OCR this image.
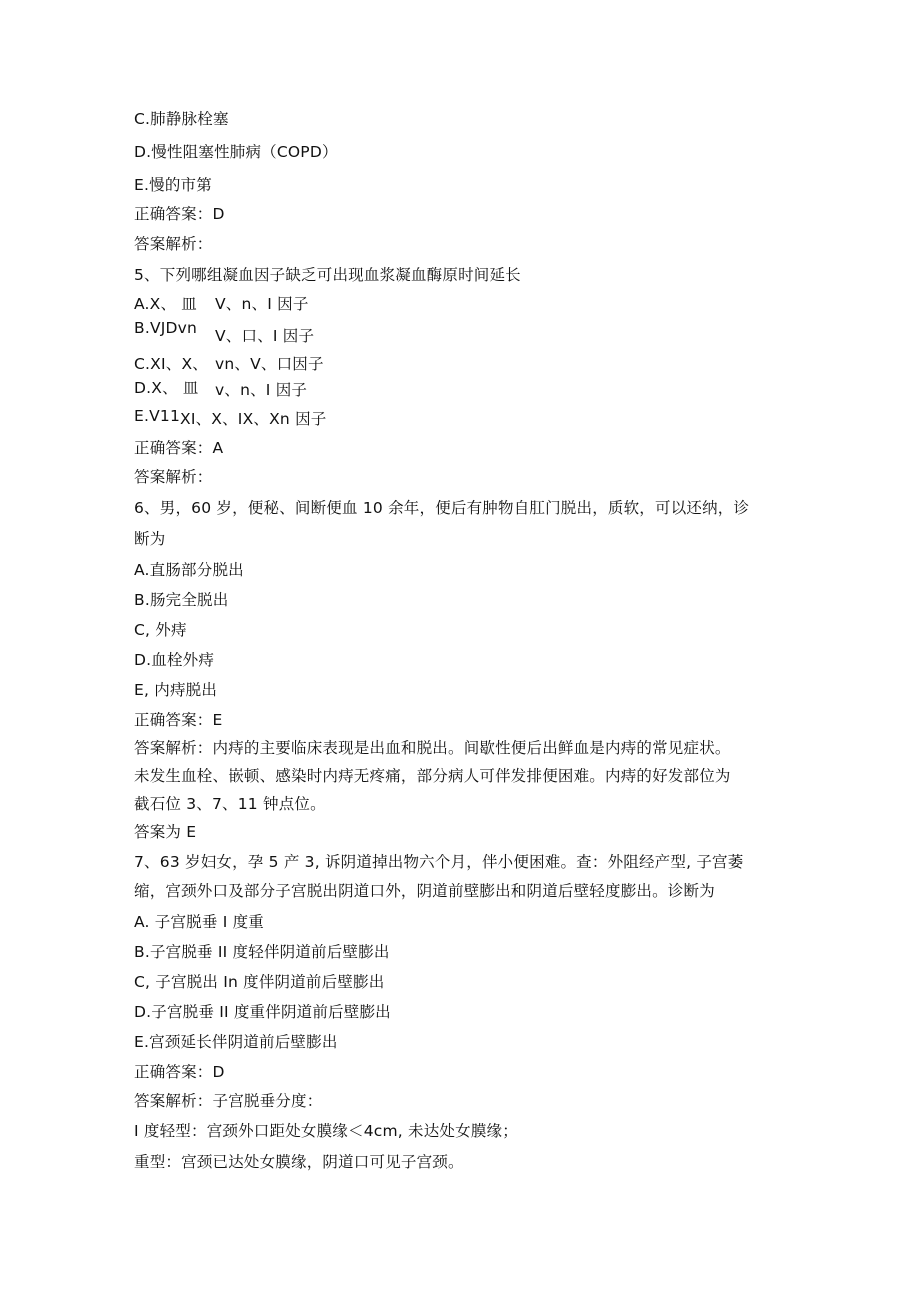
C.肺静脉栓塞
D.慢性阻塞性肺病（COPD）
E.慢的市第
正确答案：D
答案解析：
5、下列哪组凝血因子缺乏可出现血浆凝血酶原时间延长
A.X、 皿 V、n、I 因子
B.VJDvn V、口、I 因子
C.XI、X、 vn、V、口因子
D.X、 皿 v、n、I 因子
E.V11 XI、X、IX、Xn 因子
正确答案：A
答案解析：
6、男，60 岁，便秘、间断便血 10 余年，便后有肿物自肛门脱出，质软，可以还纳，诊
断为
A.直肠部分脱出
B.肠完全脱出
C, 外痔
D.血栓外痔
E, 内痔脱出
正确答案：E
答案解析：内痔的主要临床表现是出血和脱出。间歇性便后出鲜血是内痔的常见症状。
未发生血栓、嵌顿、感染时内痔无疼痛，部分病人可伴发排便困难。内痔的好发部位为
截石位 3、7、11 钟点位。
答案为 E
7、63 岁妇女，孕 5 产 3, 诉阴道掉出物六个月，伴小便困难。查：外阻经产型, 子宫萎
缩，宫颈外口及部分子宫脱出阴道口外，阴道前壁膨出和阴道后壁轻度膨出。诊断为
A. 子宫脱垂 I 度重
B.子宫脱垂 II 度轻伴阴道前后壁膨出
C, 子宫脱出 In 度伴阴道前后壁膨出
D.子宫脱垂 II 度重伴阴道前后壁膨出
E.宫颈延长伴阴道前后壁膨出
正确答案：D
答案解析：子宫脱垂分度：
I 度轻型：宫颈外口距处女膜缘＜4cm, 未达处女膜缘；
重型：宫颈已达处女膜缘，阴道口可见子宫颈。
